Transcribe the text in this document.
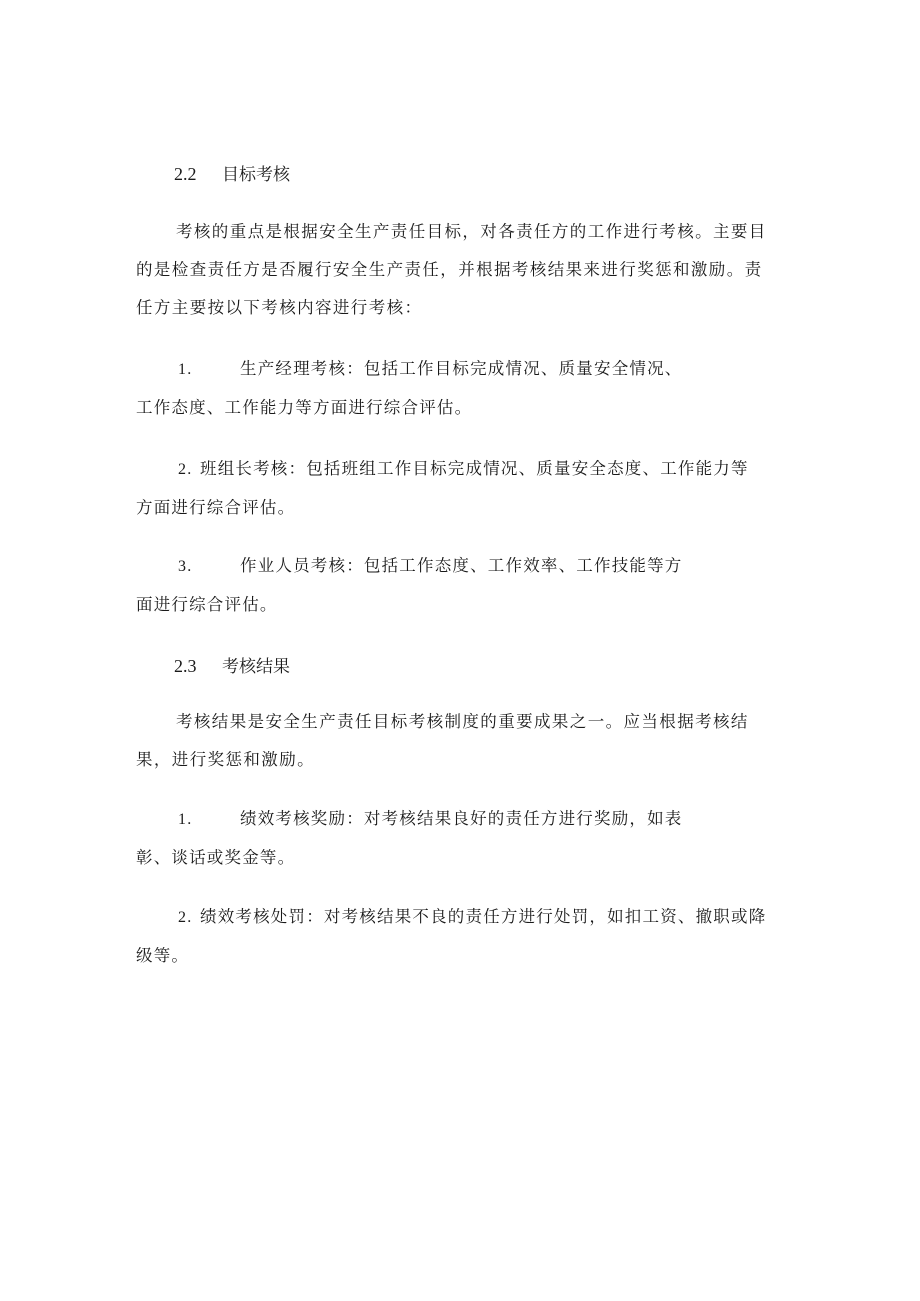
2.2 目标考核
考核的重点是根据安全生产责任目标，对各责任方的工作进行考核。主要目
的是检查责任方是否履行安全生产责任，并根据考核结果来进行奖惩和激励。责
任方主要按以下考核内容进行考核：
1.	生产经理考核：包括工作目标完成情况、质量安全情况、
工作态度、工作能力等方面进行综合评估。
2. 班组长考核：包括班组工作目标完成情况、质量安全态度、工作能力等
方面进行综合评估。
3.	作业人员考核：包括工作态度、工作效率、工作技能等方
面进行综合评估。
2.3 考核结果
考核结果是安全生产责任目标考核制度的重要成果之一。应当根据考核结
果，进行奖惩和激励。
1.	绩效考核奖励：对考核结果良好的责任方进行奖励，如表
彰、谈话或奖金等。
2. 绩效考核处罚：对考核结果不良的责任方进行处罚，如扣工资、撤职或降
级等。
